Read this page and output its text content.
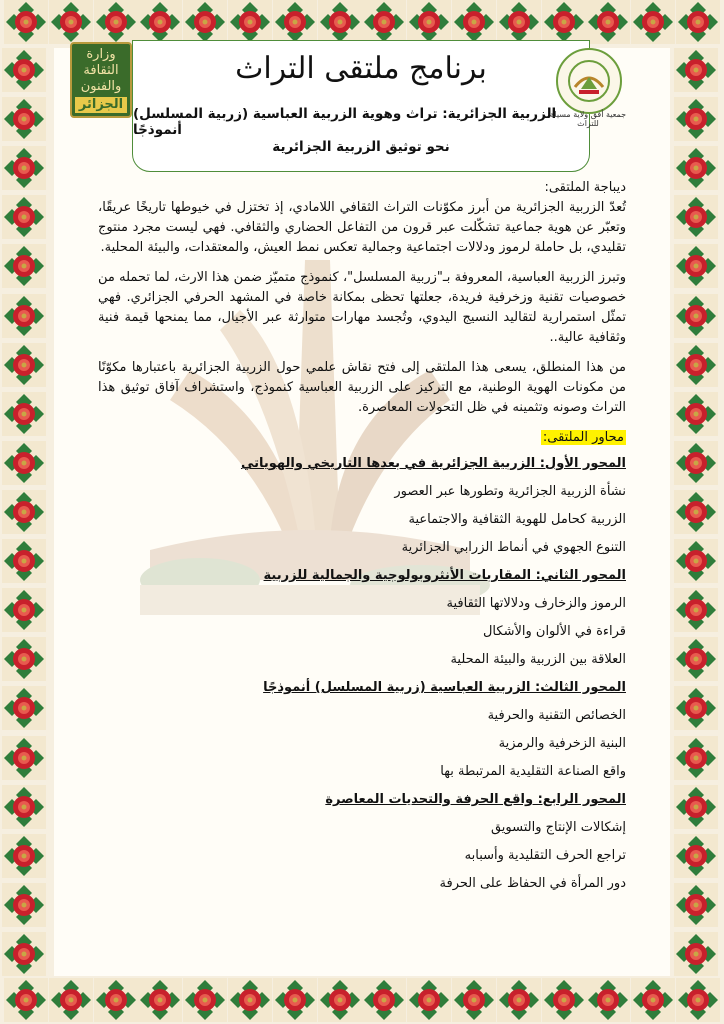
برنامج ملتقى التراث
الزربية الجزائرية: تراث وهوية الزربية العباسية (زربية المسلسل) أنموذجًا
نحو توثيق الزربية الجزائرية
وزارة
الثقافة
والفنون
الجزائر
جمعية أفق ولاية مسيلة للتراث

ديباجة الملتقى:

تُعدّ الزربية الجزائرية من أبرز مكوّنات التراث الثقافي اللامادي، إذ تختزل في خيوطها تاريخًا عريقًا، وتعبّر عن هوية جماعية تشكّلت عبر قرون من التفاعل الحضاري والثقافي. فهي ليست مجرد منتوج تقليدي، بل حاملة لرموز ودلالات اجتماعية وجمالية تعكس نمط العيش، والمعتقدات، والبيئة المحلية.

وتبرز الزربية العباسية، المعروفة بـ"زربية المسلسل"، كنموذج متميّز ضمن هذا الارث، لما تحمله من خصوصيات تقنية وزخرفية فريدة، جعلتها تحظى بمكانة خاصة في المشهد الحرفي الجزائري. فهي تمثّل استمرارية لتقاليد النسيج اليدوي، وتُجسد مهارات متوارثة عبر الأجيال، مما يمنحها قيمة فنية وثقافية عالية..

من هذا المنطلق، يسعى هذا الملتقى إلى فتح نقاش علمي حول الزربية الجزائرية باعتبارها مكوّنًا من مكونات الهوية الوطنية، مع التركيز على الزربية العباسية كنموذج، واستشراف آفاق توثيق هذا التراث وصونه وتثمينه في ظل التحولات المعاصرة.

محاور الملتقى:

المحور الأول: الزربية الجزائرية في بعدها التاريخي والهوياتي

نشأة الزربية الجزائرية وتطورها عبر العصور

الزربية كحامل للهوية الثقافية والاجتماعية

التنوع الجهوي في أنماط الزرابي الجزائرية

المحور الثاني: المقاربات الأنثروبولوجية والجمالية للزربية

الرموز والزخارف ودلالاتها الثقافية

قراءة في الألوان والأشكال

العلاقة بين الزربية والبيئة المحلية

المحور الثالث: الزربية العباسية (زربية المسلسل) أنموذجًا

الخصائص التقنية والحرفية

البنية الزخرفية والرمزية

واقع الصناعة التقليدية المرتبطة بها

المحور الرابع: واقع الحرفة والتحديات المعاصرة

إشكالات الإنتاج والتسويق

تراجع الحرف التقليدية وأسبابه

دور المرأة في الحفاظ على الحرفة
